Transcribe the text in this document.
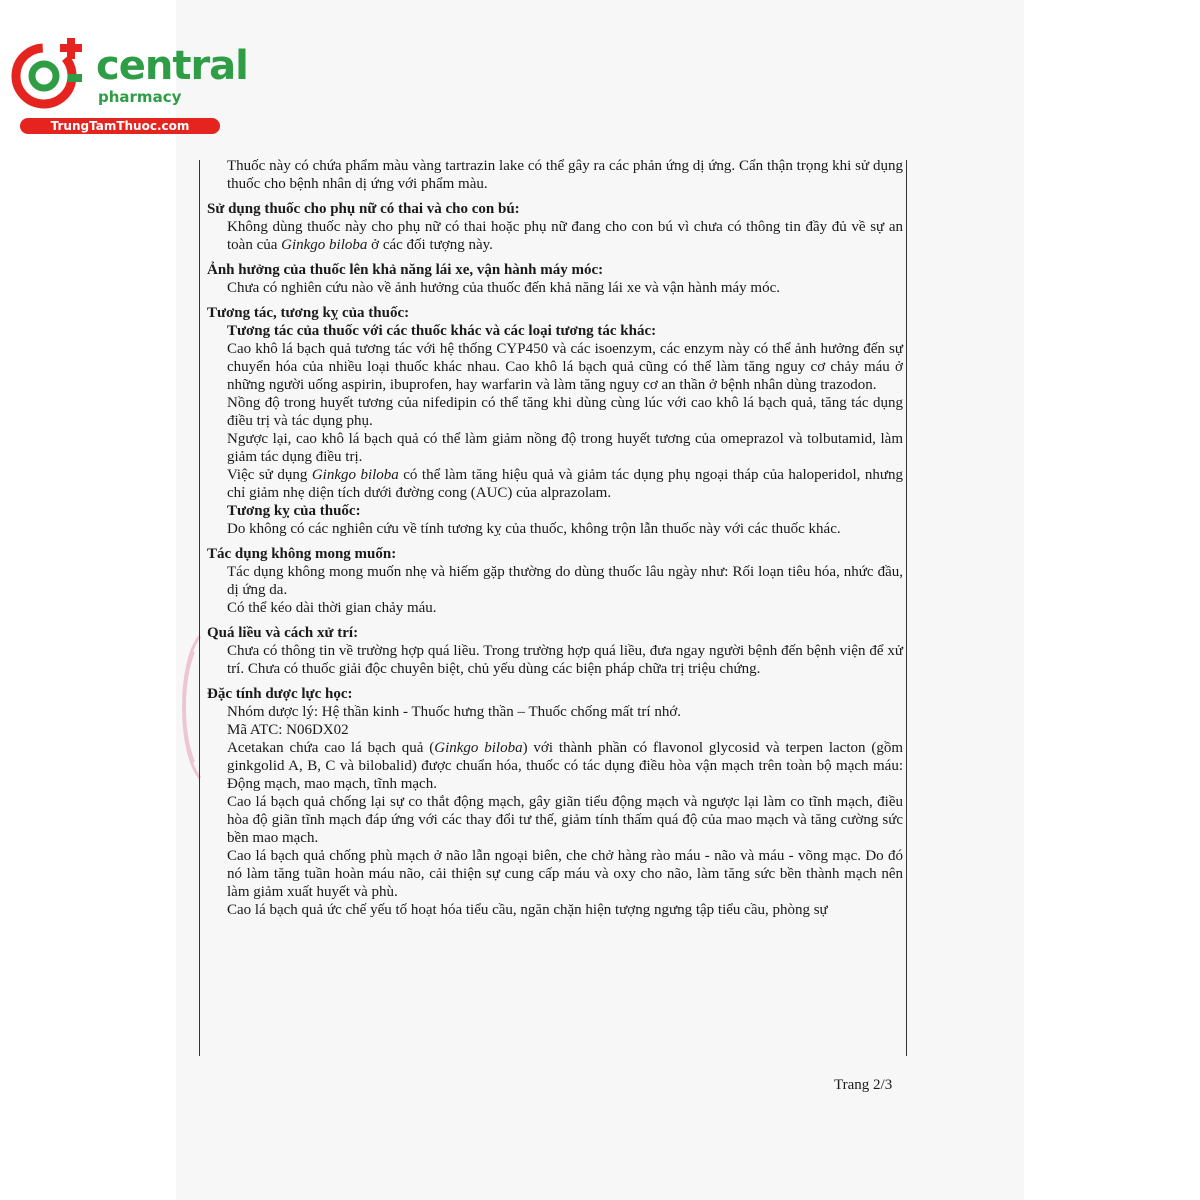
central
pharmacy
TrungTamThuoc.com

Thuốc này có chứa phẩm màu vàng tartrazin lake có thể gây ra các phản ứng dị ứng. Cẩn thận trọng khi sử dụng thuốc cho bệnh nhân dị ứng với phẩm màu.

Sử dụng thuốc cho phụ nữ có thai và cho con bú:

Không dùng thuốc này cho phụ nữ có thai hoặc phụ nữ đang cho con bú vì chưa có thông tin đầy đủ về sự an toàn của Ginkgo biloba ở các đối tượng này.

Ảnh hưởng của thuốc lên khả năng lái xe, vận hành máy móc:

Chưa có nghiên cứu nào về ảnh hưởng của thuốc đến khả năng lái xe và vận hành máy móc.

Tương tác, tương kỵ của thuốc:

Tương tác của thuốc với các thuốc khác và các loại tương tác khác:

Cao khô lá bạch quả tương tác với hệ thống CYP450 và các isoenzym, các enzym này có thể ảnh hưởng đến sự chuyển hóa của nhiều loại thuốc khác nhau. Cao khô lá bạch quả cũng có thể làm tăng nguy cơ chảy máu ở những người uống aspirin, ibuprofen, hay warfarin và làm tăng nguy cơ an thần ở bệnh nhân dùng trazodon.

Nồng độ trong huyết tương của nifedipin có thể tăng khi dùng cùng lúc với cao khô lá bạch quả, tăng tác dụng điều trị và tác dụng phụ.

Ngược lại, cao khô lá bạch quả có thể làm giảm nồng độ trong huyết tương của omeprazol và tolbutamid, làm giảm tác dụng điều trị.

Việc sử dụng Ginkgo biloba có thể làm tăng hiệu quả và giảm tác dụng phụ ngoại tháp của haloperidol, nhưng chỉ giảm nhẹ diện tích dưới đường cong (AUC) của alprazolam.

Tương kỵ của thuốc:

Do không có các nghiên cứu về tính tương kỵ của thuốc, không trộn lẫn thuốc này với các thuốc khác.

Tác dụng không mong muốn:

Tác dụng không mong muốn nhẹ và hiếm gặp thường do dùng thuốc lâu ngày như: Rối loạn tiêu hóa, nhức đầu, dị ứng da.

Có thể kéo dài thời gian chảy máu.

Quá liều và cách xử trí:

Chưa có thông tin về trường hợp quá liều. Trong trường hợp quá liều, đưa ngay người bệnh đến bệnh viện để xử trí. Chưa có thuốc giải độc chuyên biệt, chủ yếu dùng các biện pháp chữa trị triệu chứng.

Đặc tính dược lực học:

Nhóm dược lý: Hệ thần kinh - Thuốc hưng thần – Thuốc chống mất trí nhớ.

Mã ATC: N06DX02

Acetakan chứa cao lá bạch quả (Ginkgo biloba) với thành phần có flavonol glycosid và terpen lacton (gồm ginkgolid A, B, C và bilobalid) được chuẩn hóa, thuốc có tác dụng điều hòa vận mạch trên toàn bộ mạch máu: Động mạch, mao mạch, tĩnh mạch.

Cao lá bạch quả chống lại sự co thắt động mạch, gây giãn tiểu động mạch và ngược lại làm co tĩnh mạch, điều hòa độ giãn tĩnh mạch đáp ứng với các thay đổi tư thế, giảm tính thấm quá độ của mao mạch và tăng cường sức bền mao mạch.

Cao lá bạch quả chống phù mạch ở não lẫn ngoại biên, che chở hàng rào máu - não và máu - võng mạc. Do đó nó làm tăng tuần hoàn máu não, cải thiện sự cung cấp máu và oxy cho não, làm tăng sức bền thành mạch nên làm giảm xuất huyết và phù.

Cao lá bạch quả ức chế yếu tố hoạt hóa tiểu cầu, ngăn chặn hiện tượng ngưng tập tiểu cầu, phòng sự

Trang 2/3
